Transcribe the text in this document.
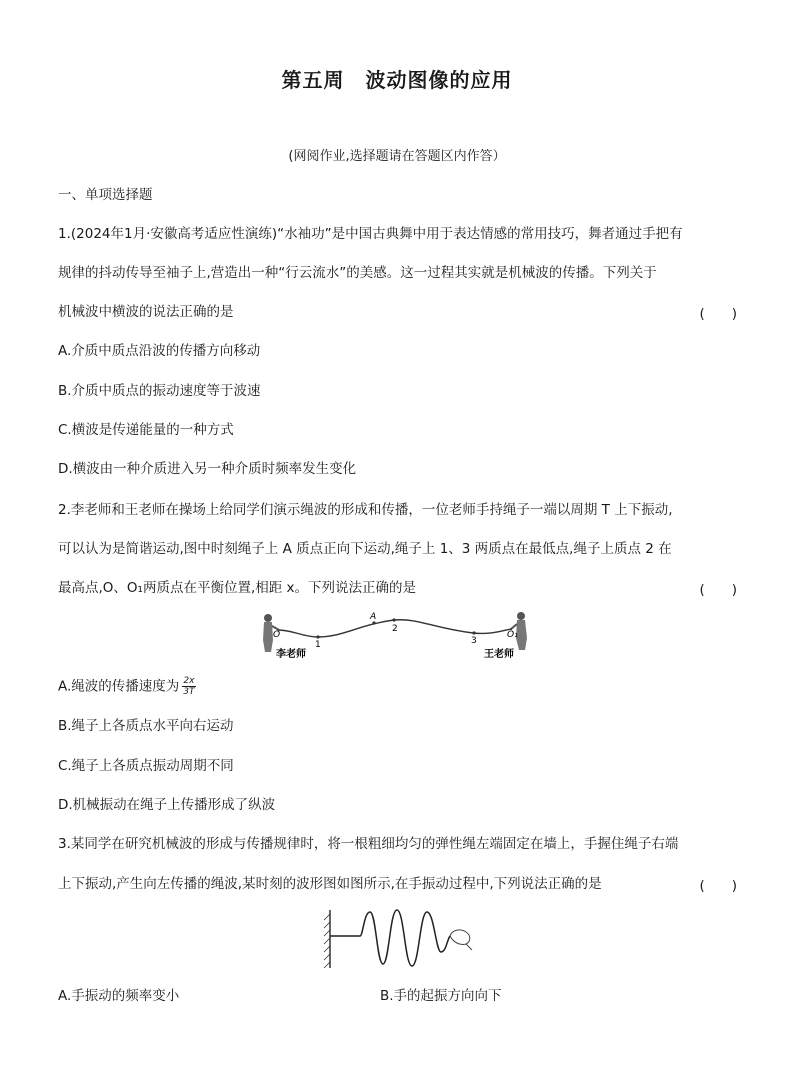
第五周　波动图像的应用
(网阅作业,选择题请在答题区内作答）
一、单项选择题
1.(2024年1月·安徽高考适应性演练)“水袖功”是中国古典舞中用于表达情感的常用技巧，舞者通过手把有
规律的抖动传导至袖子上,营造出一种“行云流水”的美感。这一过程其实就是机械波的传播。下列关于
机械波中横波的说法正确的是	(　　)
A.介质中质点沿波的传播方向移动
B.介质中质点的振动速度等于波速
C.横波是传递能量的一种方式
D.横波由一种介质进入另一种介质时频率发生变化
2.李老师和王老师在操场上给同学们演示绳波的形成和传播，一位老师手持绳子一端以周期 T 上下振动,
可以认为是简谐运动,图中时刻绳子上 A 质点正向下运动,绳子上 1、3 两质点在最低点,绳子上质点 2 在
最高点,O、O₁两质点在平衡位置,相距 x。下列说法正确的是	(　　)
O
1
A
2
3
O₁
李老师	王老师
A.绳波的传播速度为 $\frac{2x}{3T}$
B.绳子上各质点水平向右运动
C.绳子上各质点振动周期不同
D.机械振动在绳子上传播形成了纵波
3.某同学在研究机械波的形成与传播规律时，将一根粗细均匀的弹性绳左端固定在墙上，手握住绳子右端
上下振动,产生向左传播的绳波,某时刻的波形图如图所示,在手振动过程中,下列说法正确的是	(　　)
A.手振动的频率变小	B.手的起振方向向下
